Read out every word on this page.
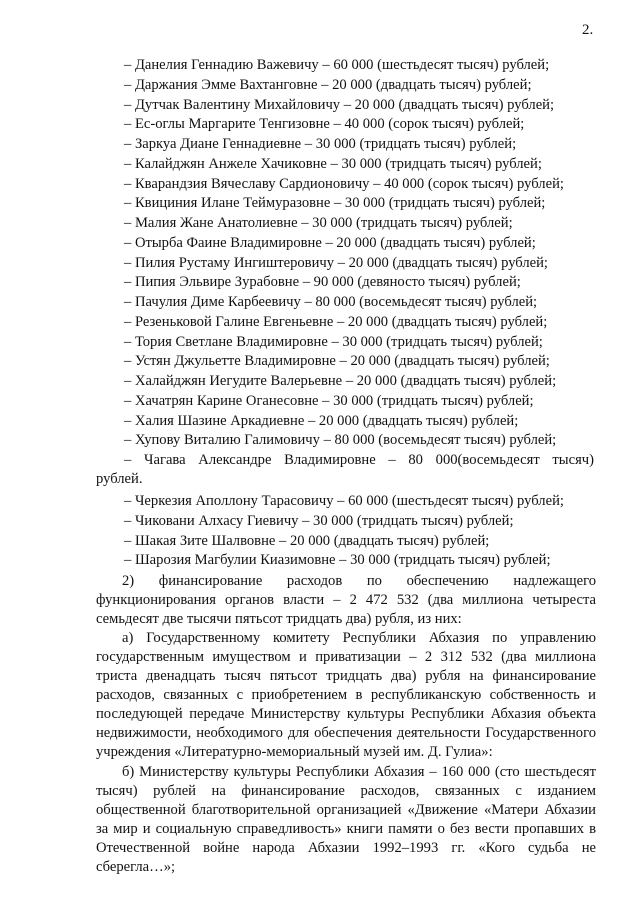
2.
– Данелия Геннадию Важевичу – 60 000 (шестьдесят тысяч) рублей;
– Даржания Эмме Вахтанговне – 20 000 (двадцать тысяч) рублей;
– Дутчак Валентину Михайловичу – 20 000 (двадцать тысяч) рублей;
– Ес-оглы Маргарите Тенгизовне – 40 000 (сорок тысяч) рублей;
– Заркуа Диане Геннадиевне – 30 000 (тридцать тысяч) рублей;
– Калайджян Анжеле Хачиковне – 30 000 (тридцать тысяч) рублей;
– Кварандзия Вячеславу Сардионовичу – 40 000 (сорок тысяч) рублей;
– Квициния Илане Теймуразовне – 30 000 (тридцать тысяч) рублей;
– Малия Жане Анатолиевне – 30 000 (тридцать тысяч) рублей;
– Отырба Фаине Владимировне – 20 000 (двадцать тысяч) рублей;
– Пилия Рустаму Ингиштеровичу – 20 000 (двадцать тысяч) рублей;
– Пипия Эльвире Зурабовне – 90 000 (девяносто тысяч) рублей;
– Пачулия Диме Карбеевичу – 80 000 (восемьдесят тысяч) рублей;
– Резеньковой Галине Евгеньевне – 20 000 (двадцать тысяч) рублей;
– Тория Светлане Владимировне – 30 000 (тридцать тысяч) рублей;
– Устян Джульетте Владимировне – 20 000 (двадцать тысяч) рублей;
– Халайджян Иегудите Валерьевне – 20 000 (двадцать тысяч) рублей;
– Хачатрян Карине Оганесовне – 30 000 (тридцать тысяч) рублей;
– Халия Шазине Аркадиевне – 20 000 (двадцать тысяч) рублей;
– Хупову Виталию Галимовичу – 80 000 (восемьдесят тысяч) рублей;
– Чагава Александре Владимировне – 80 000(восемьдесят тысяч)
рублей.
– Черкезия Аполлону Тарасовичу – 60 000 (шестьдесят тысяч) рублей;
– Чиковани Алхасу Гиевичу – 30 000 (тридцать тысяч) рублей;
– Шакая Зите Шалвовне – 20 000 (двадцать тысяч) рублей;
– Шарозия Магбулии Киазимовне – 30 000 (тридцать тысяч) рублей;

2) финансирование расходов по обеспечению надлежащего

функционирования органов власти – 2 472 532 (два миллиона четыреста семьдесят две тысячи пятьсот тридцать два) рубля, из них:

а) Государственному комитету Республики Абхазия по управлению государственным имуществом и приватизации – 2 312 532 (два миллиона триста двенадцать тысяч пятьсот тридцать два) рубля на финансирование расходов, связанных с приобретением в республиканскую собственность и последующей передаче Министерству культуры Республики Абхазия объекта недвижимости, необходимого для обеспечения деятельности Государственного учреждения «Литературно-мемориальный музей им. Д. Гулиа»:

б) Министерству культуры Республики Абхазия – 160 000 (сто шестьдесят тысяч) рублей на финансирование расходов, связанных с изданием общественной благотворительной организацией «Движение «Матери Абхазии за мир и социальную справедливость» книги памяти о без вести пропавших в Отечественной войне народа Абхазии 1992–1993 гг. «Кого судьба не сберегла…»;
